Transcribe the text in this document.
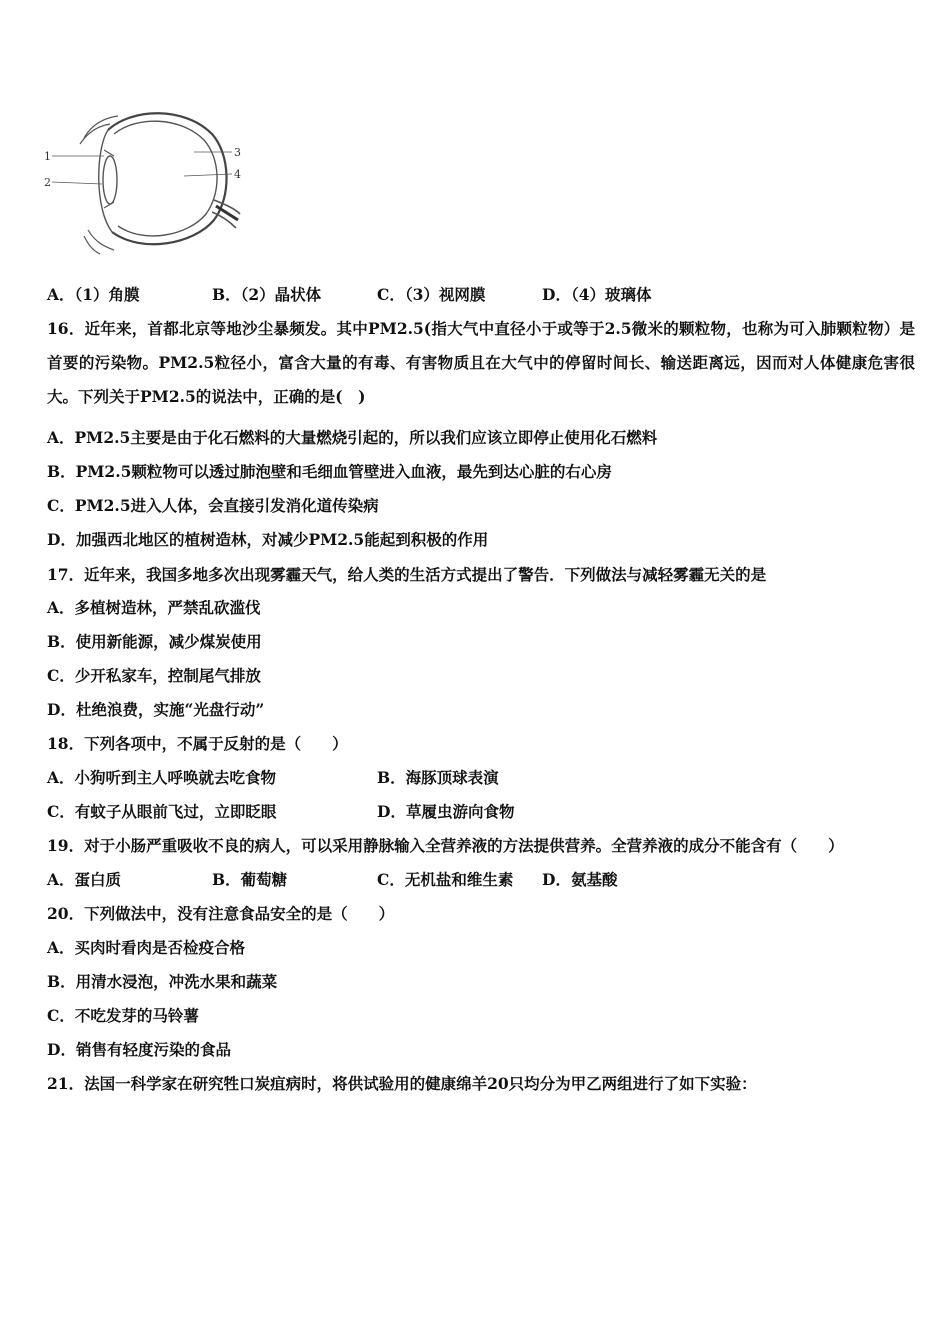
1
2
3
4
A．（1）角膜	B．（2）晶状体	C．（3）视网膜	D．（4）玻璃体
16．近年来，首都北京等地沙尘暴频发。其中PM2.5(指大气中直径小于或等于2.5微米的颗粒物，也称为可入肺颗粒物）是首要的污染物。PM2.5粒径小，富含大量的有毒、有害物质且在大气中的停留时间长、输送距离远，因而对人体健康危害很大。下列关于PM2.5的说法中，正确的是(　)
A．PM2.5主要是由于化石燃料的大量燃烧引起的，所以我们应该立即停止使用化石燃料
B．PM2.5颗粒物可以透过肺泡壁和毛细血管壁进入血液，最先到达心脏的右心房
C．PM2.5进入人体，会直接引发消化道传染病
D．加强西北地区的植树造林，对减少PM2.5能起到积极的作用
17．近年来，我国多地多次出现雾霾天气，给人类的生活方式提出了警告．下列做法与减轻雾霾无关的是
A．多植树造林，严禁乱砍滥伐
B．使用新能源，减少煤炭使用
C．少开私家车，控制尾气排放
D．杜绝浪费，实施“光盘行动”
18．下列各项中，不属于反射的是（　　）
A．小狗听到主人呼唤就去吃食物	B．海豚顶球表演
C．有蚊子从眼前飞过，立即眨眼	D．草履虫游向食物
19．对于小肠严重吸收不良的病人，可以采用静脉输入全营养液的方法提供营养。全营养液的成分不能含有（　　）
A．蛋白质	B．葡萄糖	C．无机盐和维生素 D．氨基酸
20．下列做法中，没有注意食品安全的是（　　）
A．买肉时看肉是否检疫合格
B．用清水浸泡，冲洗水果和蔬菜
C．不吃发芽的马铃薯
D．销售有轻度污染的食品
21．法国一科学家在研究牲口炭疽病时，将供试验用的健康绵羊20只均分为甲乙两组进行了如下实验：
